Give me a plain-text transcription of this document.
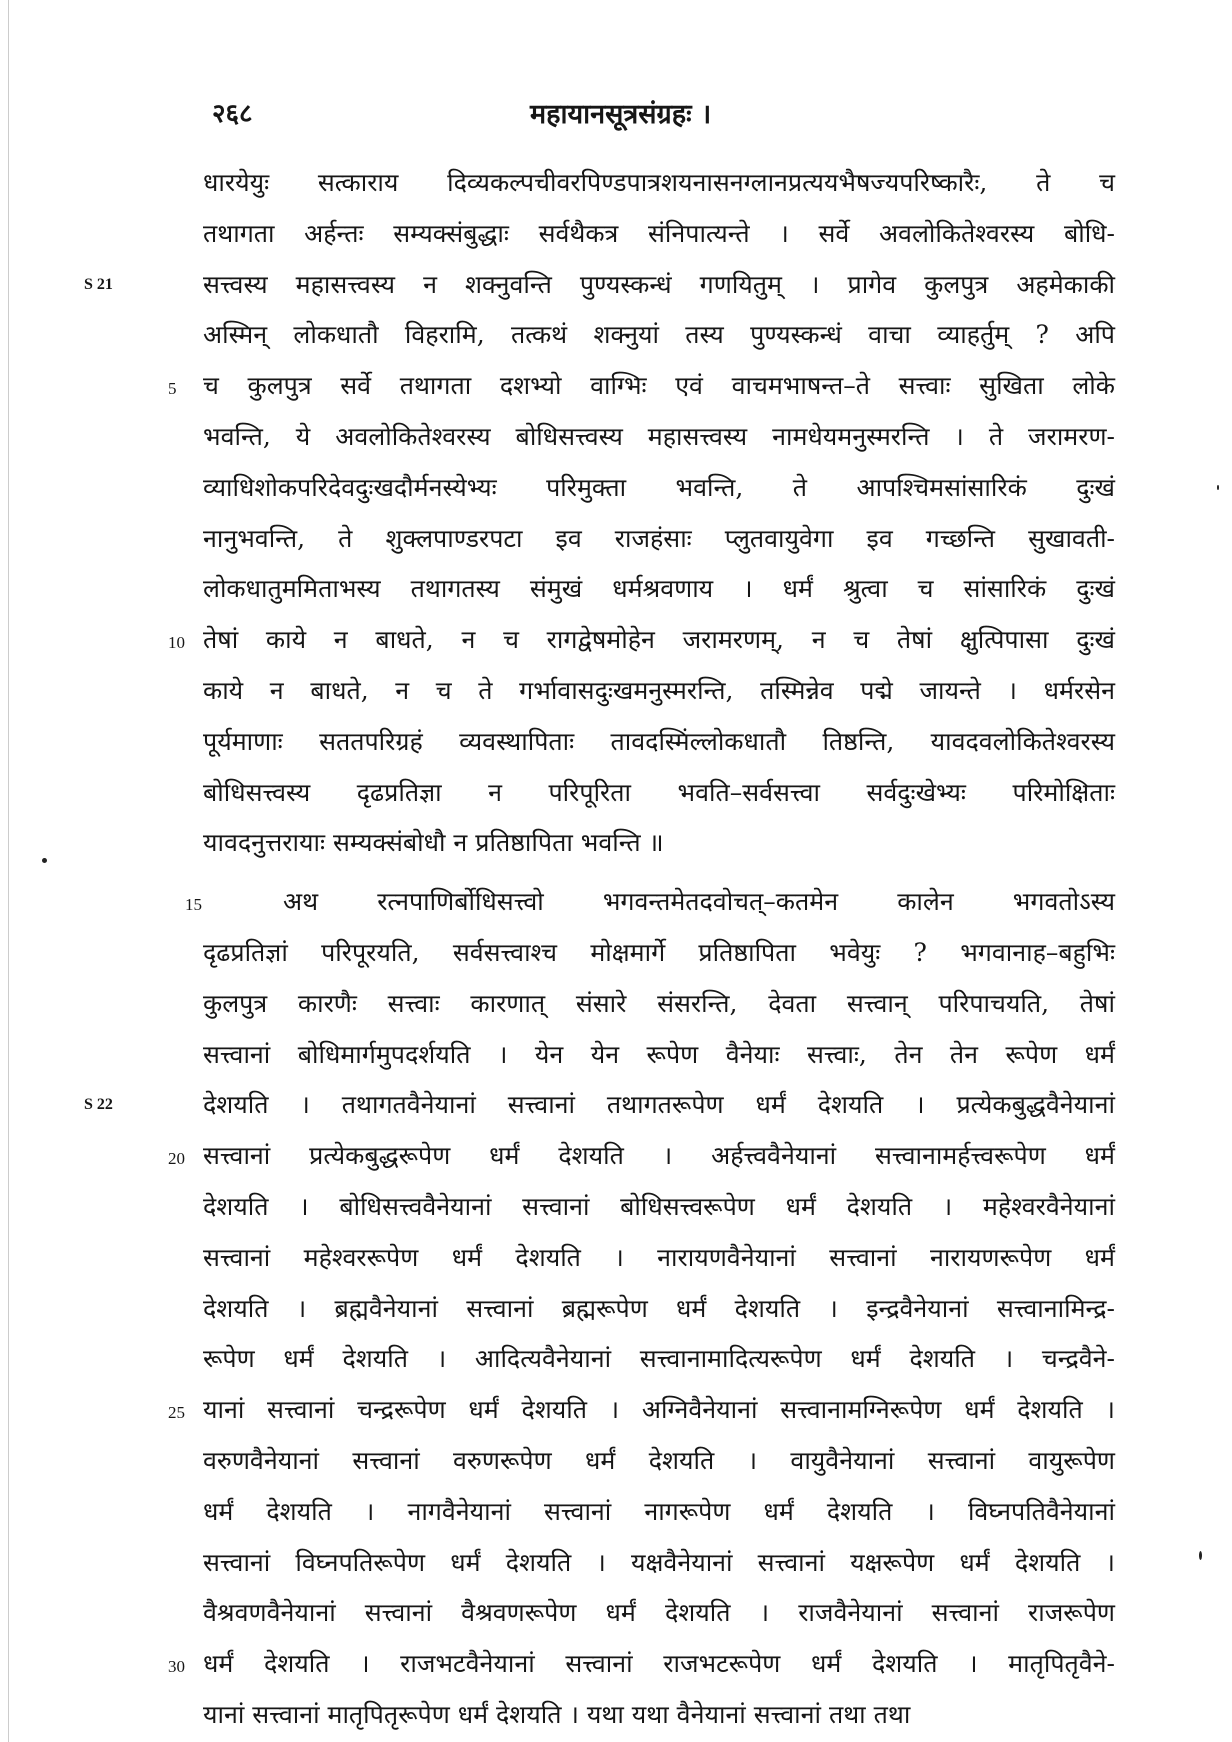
२६८	महायानसूत्रसंग्रहः ।
धारयेयुः सत्काराय दिव्यकल्पचीवरपिण्डपात्रशयनासनग्लानप्रत्ययभैषज्यपरिष्कारैः, ते च
तथागता अर्हन्तः सम्यक्संबुद्धाः सर्वथैकत्र संनिपात्यन्ते । सर्वे अवलोकितेश्वरस्य बोधि-
सत्त्वस्य महासत्त्वस्य न शक्नुवन्ति पुण्यस्कन्धं गणयितुम् । प्रागेव कुलपुत्र अहमेकाकी
अस्मिन् लोकधातौ विहरामि, तत्कथं शक्नुयां तस्य पुण्यस्कन्धं वाचा व्याहर्तुम् ? अपि
च कुलपुत्र सर्वे तथागता दशभ्यो वाग्भिः एवं वाचमभाषन्त–ते सत्त्वाः सुखिता लोके
भवन्ति, ये अवलोकितेश्वरस्य बोधिसत्त्वस्य महासत्त्वस्य नामधेयमनुस्मरन्ति । ते जरामरण-
व्याधिशोकपरिदेवदुःखदौर्मनस्येभ्यः परिमुक्ता भवन्ति, ते आपश्चिमसांसारिकं दुःखं
नानुभवन्ति, ते शुक्लपाण्डरपटा इव राजहंसाः प्लुतवायुवेगा इव गच्छन्ति सुखावती-
लोकधातुममिताभस्य तथागतस्य संमुखं धर्मश्रवणाय । धर्मं श्रुत्वा च सांसारिकं दुःखं
तेषां काये न बाधते, न च रागद्वेषमोहेन जरामरणम्, न च तेषां क्षुत्पिपासा दुःखं
काये न बाधते, न च ते गर्भावासदुःखमनुस्मरन्ति, तस्मिन्नेव पद्मे जायन्ते । धर्मरसेन
पूर्यमाणाः सततपरिग्रहं व्यवस्थापिताः तावदस्मिंल्लोकधातौ तिष्ठन्ति, यावदवलोकितेश्वरस्य
बोधिसत्त्वस्य दृढप्रतिज्ञा न परिपूरिता भवति–सर्वसत्त्वा सर्वदुःखेभ्यः परिमोक्षिताः
यावदनुत्तरायाः सम्यक्संबोधौ न प्रतिष्ठापिता भवन्ति ॥
अथ रत्नपाणिर्बोधिसत्त्वो भगवन्तमेतदवोचत्–कतमेन कालेन भगवतोऽस्य
दृढप्रतिज्ञां परिपूरयति, सर्वसत्त्वाश्च मोक्षमार्गे प्रतिष्ठापिता भवेयुः ? भगवानाह–बहुभिः
कुलपुत्र कारणैः सत्त्वाः कारणात् संसारे संसरन्ति, देवता सत्त्वान् परिपाचयति, तेषां
सत्त्वानां बोधिमार्गमुपदर्शयति । येन येन रूपेण वैनेयाः सत्त्वाः, तेन तेन रूपेण धर्मं
देशयति । तथागतवैनेयानां सत्त्वानां तथागतरूपेण धर्मं देशयति । प्रत्येकबुद्धवैनेयानां
सत्त्वानां प्रत्येकबुद्धरूपेण धर्मं देशयति । अर्हत्त्ववैनेयानां सत्त्वानामर्हत्त्वरूपेण धर्मं
देशयति । बोधिसत्त्ववैनेयानां सत्त्वानां बोधिसत्त्वरूपेण धर्मं देशयति । महेश्वरवैनेयानां
सत्त्वानां महेश्वररूपेण धर्मं देशयति । नारायणवैनेयानां सत्त्वानां नारायणरूपेण धर्मं
देशयति । ब्रह्मवैनेयानां सत्त्वानां ब्रह्मरूपेण धर्मं देशयति । इन्द्रवैनेयानां सत्त्वानामिन्द्र-
रूपेण धर्मं देशयति । आदित्यवैनेयानां सत्त्वानामादित्यरूपेण धर्मं देशयति । चन्द्रवैने-
यानां सत्त्वानां चन्द्ररूपेण धर्मं देशयति । अग्निवैनेयानां सत्त्वानामग्निरूपेण धर्मं देशयति ।
वरुणवैनेयानां सत्त्वानां वरुणरूपेण धर्मं देशयति । वायुवैनेयानां सत्त्वानां वायुरूपेण
धर्मं देशयति । नागवैनेयानां सत्त्वानां नागरूपेण धर्मं देशयति । विघ्नपतिवैनेयानां
सत्त्वानां विघ्नपतिरूपेण धर्मं देशयति । यक्षवैनेयानां सत्त्वानां यक्षरूपेण धर्मं देशयति ।
वैश्रवणवैनेयानां सत्त्वानां वैश्रवणरूपेण धर्मं देशयति । राजवैनेयानां सत्त्वानां राजरूपेण
धर्मं देशयति । राजभटवैनेयानां सत्त्वानां राजभटरूपेण धर्मं देशयति । मातृपितृवैने-
यानां सत्त्वानां मातृपितृरूपेण धर्मं देशयति । यथा यथा वैनेयानां सत्त्वानां तथा तथा
5
10
15
20
25
30
S 21
S 22
